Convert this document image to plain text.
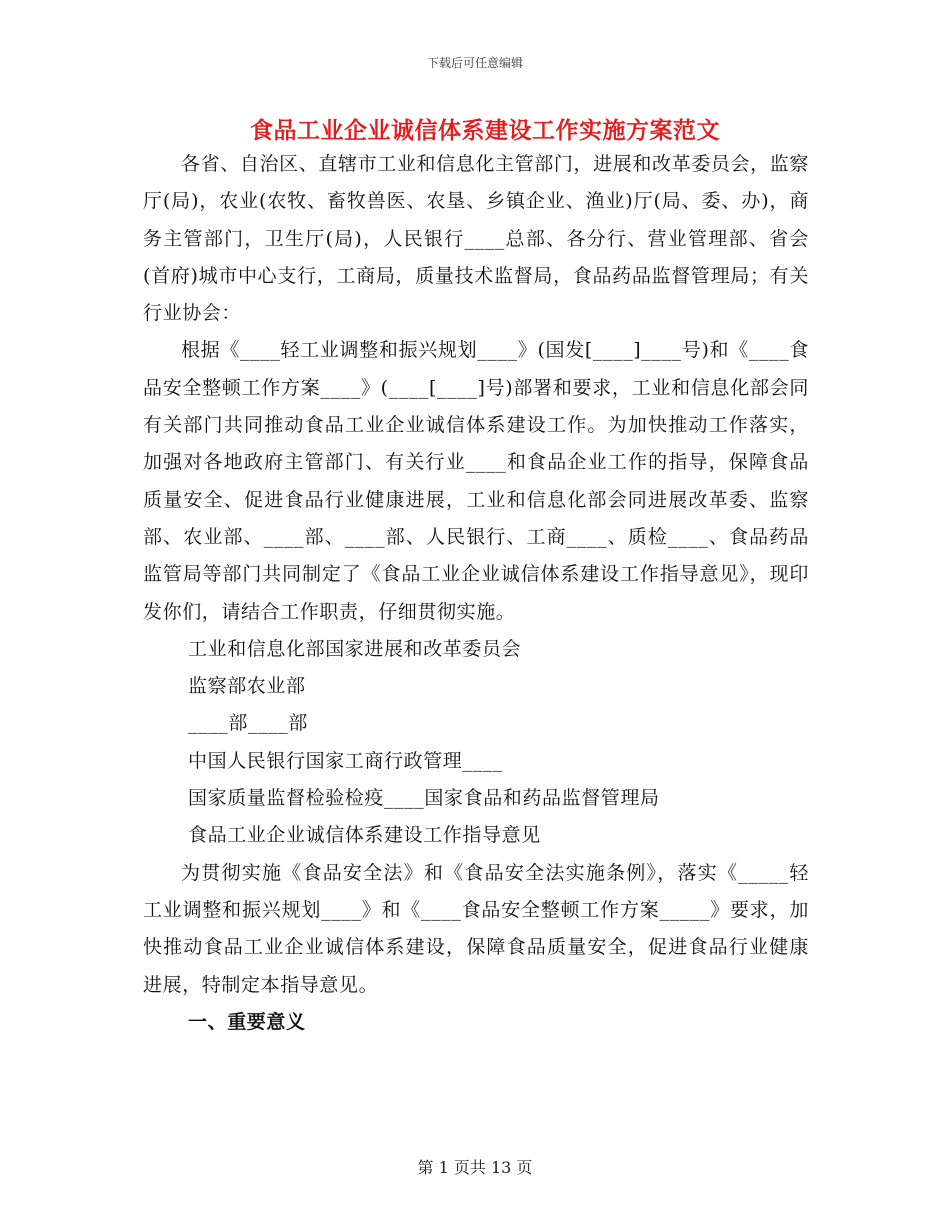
下载后可任意编辑
食品工业企业诚信体系建设工作实施方案范文

各省、自治区、直辖市工业和信息化主管部门，进展和改革委员会，监察厅(局)，农业(农牧、畜牧兽医、农垦、乡镇企业、渔业)厅(局、委、办)，商务主管部门，卫生厅(局)，人民银行____总部、各分行、营业管理部、省会(首府)城市中心支行，工商局，质量技术监督局，食品药品监督管理局；有关行业协会：

根据《____轻工业调整和振兴规划____》(国发[____]____号)和《____食品安全整顿工作方案____》(____[____]号)部署和要求，工业和信息化部会同有关部门共同推动食品工业企业诚信体系建设工作。为加快推动工作落实，加强对各地政府主管部门、有关行业____和食品企业工作的指导，保障食品质量安全、促进食品行业健康进展，工业和信息化部会同进展改革委、监察部、农业部、____部、____部、人民银行、工商____、质检____、食品药品监管局等部门共同制定了《食品工业企业诚信体系建设工作指导意见》，现印发你们，请结合工作职责，仔细贯彻实施。

工业和信息化部国家进展和改革委员会

监察部农业部

____部____部

中国人民银行国家工商行政管理____

国家质量监督检验检疫____国家食品和药品监督管理局

食品工业企业诚信体系建设工作指导意见

为贯彻实施《食品安全法》和《食品安全法实施条例》，落实《_____轻工业调整和振兴规划____》和《____食品安全整顿工作方案_____》要求，加快推动食品工业企业诚信体系建设，保障食品质量安全，促进食品行业健康进展，特制定本指导意见。

一、重要意义

第 1 页共 13 页
